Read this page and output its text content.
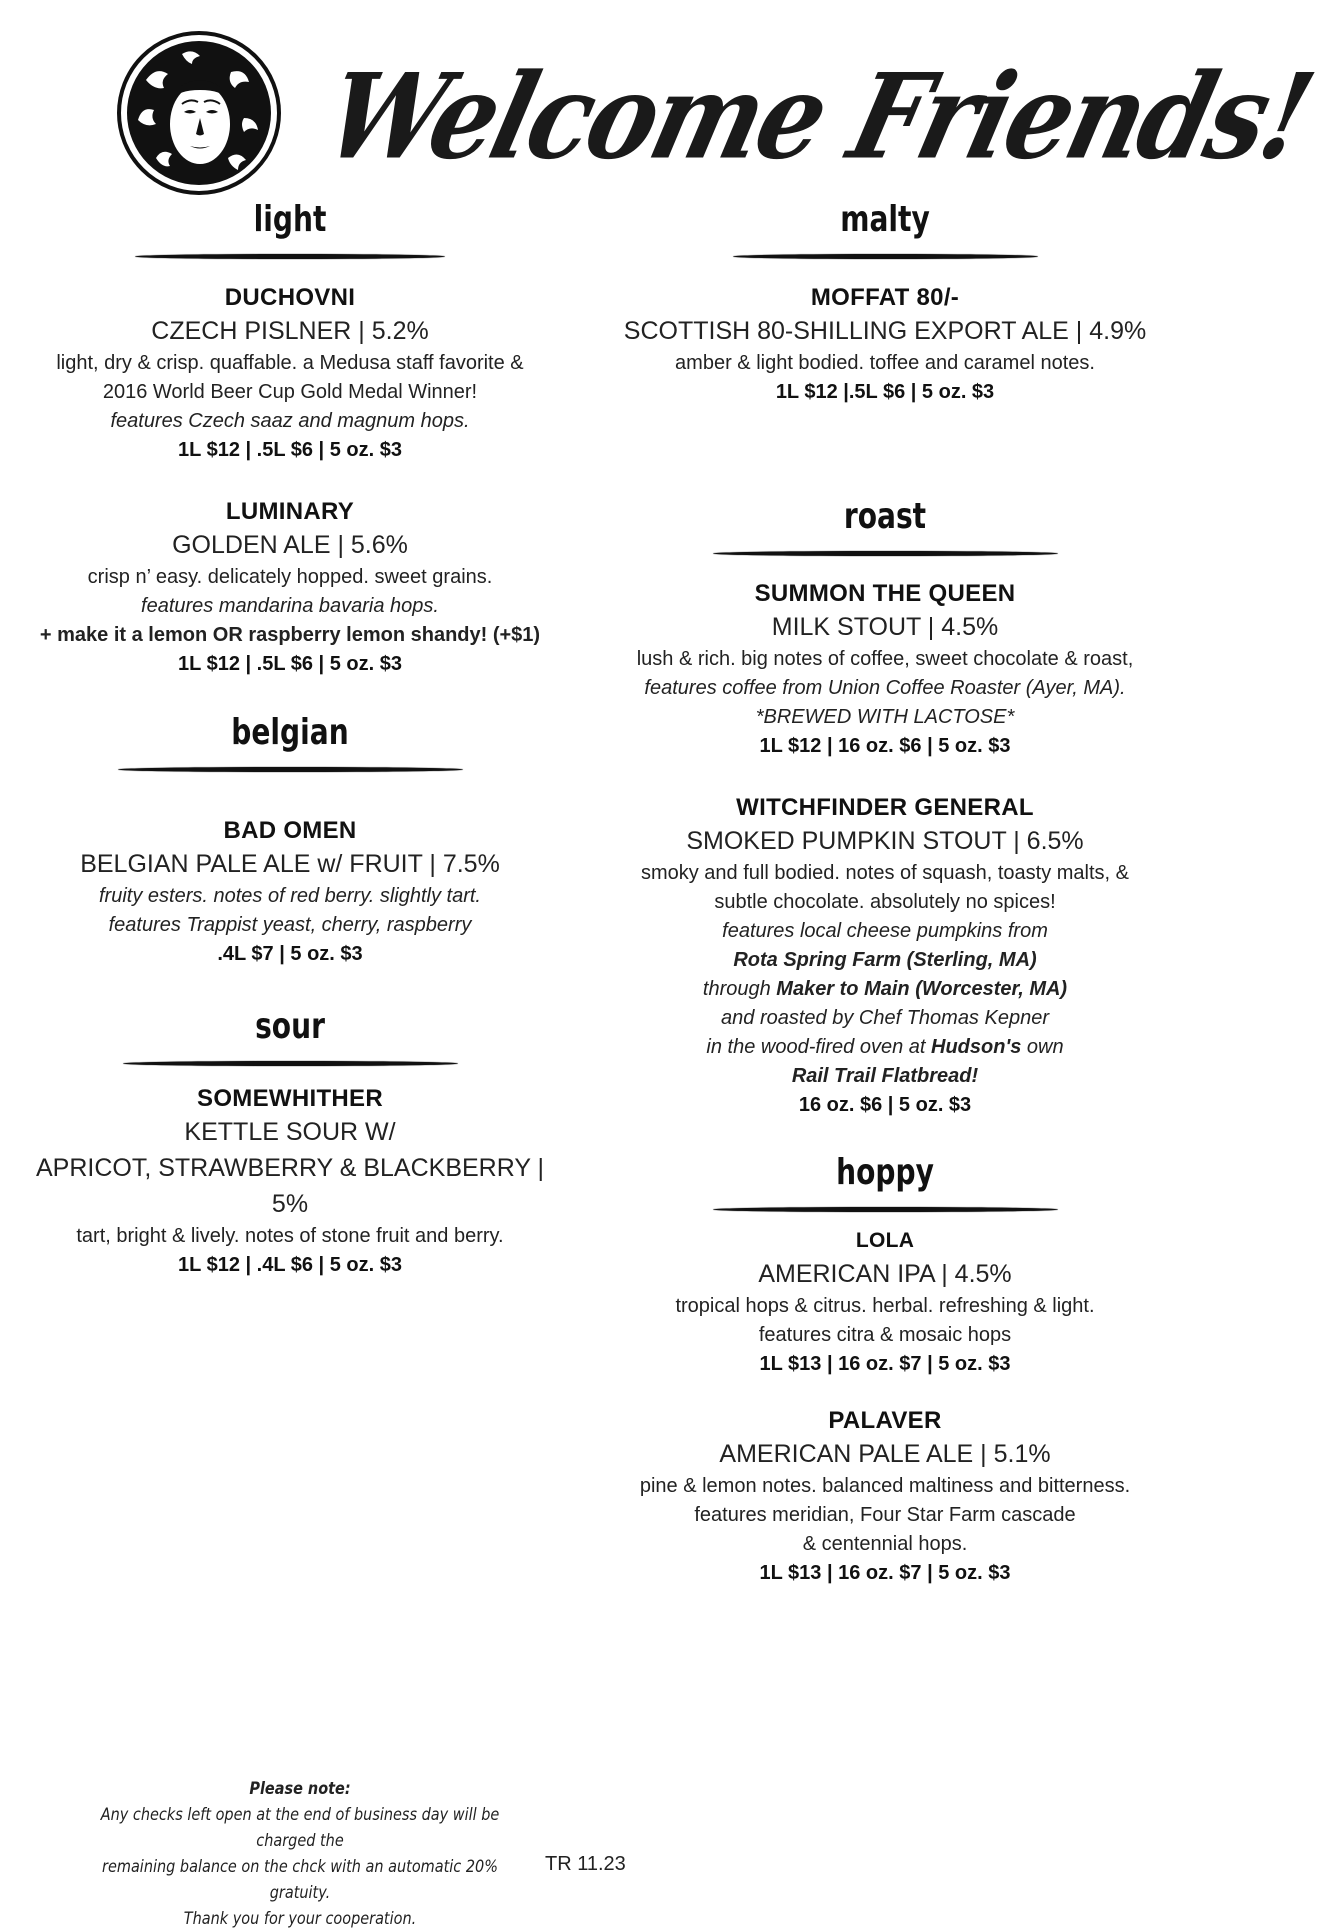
Welcome Friends!
light
DUCHOVNI
CZECH PISLNER | 5.2%
light, dry & crisp. quaffable. a Medusa staff favorite &
2016 World Beer Cup Gold Medal Winner!
features Czech saaz and magnum hops.
1L $12 | .5L $6 | 5 oz. $3
LUMINARY
GOLDEN ALE | 5.6%
crisp n’ easy. delicately hopped. sweet grains.
features mandarina bavaria hops.
+ make it a lemon OR raspberry lemon shandy! (+$1)
1L $12 | .5L $6 | 5 oz. $3
belgian
BAD OMEN
BELGIAN PALE ALE w/ FRUIT | 7.5%
fruity esters. notes of red berry. slightly tart.
features Trappist yeast, cherry, raspberry
.4L $7 | 5 oz. $3
sour
SOMEWHITHER
KETTLE SOUR W/
APRICOT, STRAWBERRY & BLACKBERRY | 5%
tart, bright & lively. notes of stone fruit and berry.
1L $12 | .4L $6 | 5 oz. $3
malty
MOFFAT 80/-
SCOTTISH 80-SHILLING EXPORT ALE | 4.9%
amber & light bodied. toffee and caramel notes.
1L $12 |.5L $6 | 5 oz. $3
roast
SUMMON THE QUEEN
MILK STOUT | 4.5%
lush & rich. big notes of coffee, sweet chocolate & roast,
features coffee from Union Coffee Roaster (Ayer, MA).
*BREWED WITH LACTOSE*
1L $12 | 16 oz. $6 | 5 oz. $3
WITCHFINDER GENERAL
SMOKED PUMPKIN STOUT | 6.5%
smoky and full bodied. notes of squash, toasty malts, &
subtle chocolate. absolutely no spices!
features local cheese pumpkins from
Rota Spring Farm (Sterling, MA)
through Maker to Main (Worcester, MA)
and roasted by Chef Thomas Kepner
in the wood-fired oven at Hudson's own
Rail Trail Flatbread!
16 oz. $6 | 5 oz. $3
hoppy
LOLA
AMERICAN IPA | 4.5%
tropical hops & citrus. herbal. refreshing & light.
features citra & mosaic hops
1L $13 | 16 oz. $7 | 5 oz. $3
PALAVER
AMERICAN PALE ALE | 5.1%
pine & lemon notes. balanced maltiness and bitterness.
features meridian, Four Star Farm cascade
& centennial hops.
1L $13 | 16 oz. $7 | 5 oz. $3
Please note:
Any checks left open at the end of business day will be charged the
remaining balance on the chck with an automatic 20% gratuity.
Thank you for your cooperation.
TR 11.23
